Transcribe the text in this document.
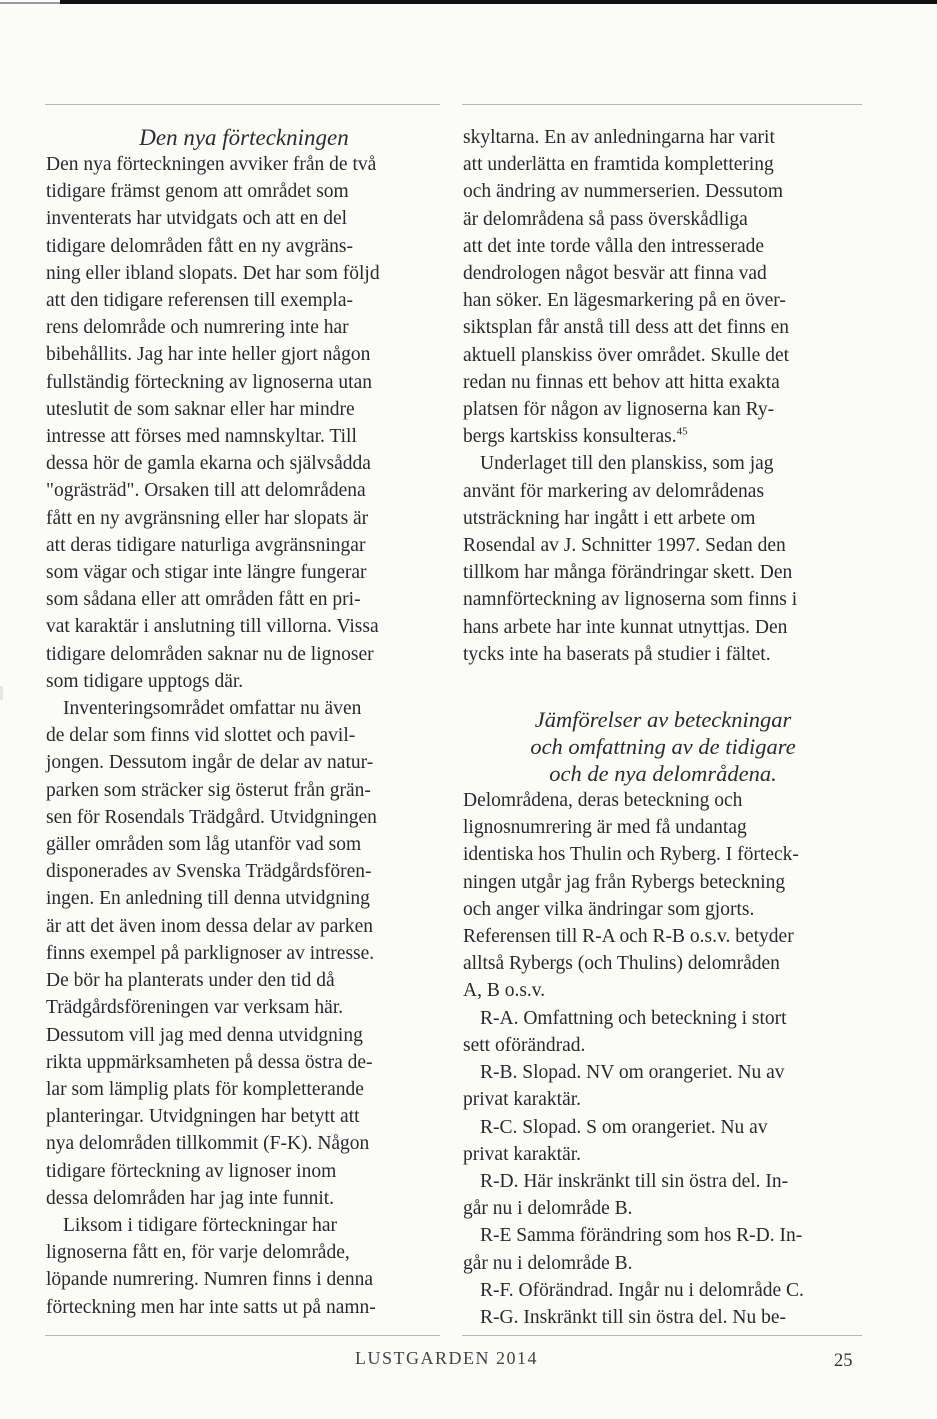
Den nya förteckningen
Den nya förteckningen avviker från de två
tidigare främst genom att området som
inventerats har utvidgats och att en del
tidigare delområden fått en ny avgräns-
ning eller ibland slopats. Det har som följd
att den tidigare referensen till exempla-
rens delområde och numrering inte har
bibehållits. Jag har inte heller gjort någon
fullständig förteckning av lignoserna utan
uteslutit de som saknar eller har mindre
intresse att förses med namnskyltar. Till
dessa hör de gamla ekarna och självsådda
"ogrästräd". Orsaken till att delområdena
fått en ny avgränsning eller har slopats är
att deras tidigare naturliga avgränsningar
som vägar och stigar inte längre fungerar
som sådana eller att områden fått en pri-
vat karaktär i anslutning till villorna. Vissa
tidigare delområden saknar nu de lignoser
som tidigare upptogs där.
Inventeringsområdet omfattar nu även
de delar som finns vid slottet och pavil-
jongen. Dessutom ingår de delar av natur-
parken som sträcker sig österut från grän-
sen för Rosendals Trädgård. Utvidgningen
gäller områden som låg utanför vad som
disponerades av Svenska Trädgårdsfören-
ingen. En anledning till denna utvidgning
är att det även inom dessa delar av parken
finns exempel på parklignoser av intresse.
De bör ha planterats under den tid då
Trädgårdsföreningen var verksam här.
Dessutom vill jag med denna utvidgning
rikta uppmärksamheten på dessa östra de-
lar som lämplig plats för kompletterande
planteringar. Utvidgningen har betytt att
nya delområden tillkommit (F-K). Någon
tidigare förteckning av lignoser inom
dessa delområden har jag inte funnit.
Liksom i tidigare förteckningar har
lignoserna fått en, för varje delområde,
löpande numrering. Numren finns i denna
förteckning men har inte satts ut på namn-
skyltarna. En av anledningarna har varit
att underlätta en framtida komplettering
och ändring av nummerserien. Dessutom
är delområdena så pass överskådliga
att det inte torde vålla den intresserade
dendrologen något besvär att finna vad
han söker. En lägesmarkering på en över-
siktsplan får anstå till dess att det finns en
aktuell planskiss över området. Skulle det
redan nu finnas ett behov att hitta exakta
platsen för någon av lignoserna kan Ry-
bergs kartskiss konsulteras.$^{45}$
Underlaget till den planskiss, som jag
använt för markering av delområdenas
utsträckning har ingått i ett arbete om
Rosendal av J. Schnitter 1997. Sedan den
tillkom har många förändringar skett. Den
namnförteckning av lignoserna som finns i
hans arbete har inte kunnat utnyttjas. Den
tycks inte ha baserats på studier i fältet.
Jämförelser av beteckningar
och omfattning av de tidigare
och de nya delområdena.
Delområdena, deras beteckning och
lignosnumrering är med få undantag
identiska hos Thulin och Ryberg. I förteck-
ningen utgår jag från Rybergs beteckning
och anger vilka ändringar som gjorts.
Referensen till R-A och R-B o.s.v. betyder
alltså Rybergs (och Thulins) delområden
A, B o.s.v.
R-A. Omfattning och beteckning i stort
sett oförändrad.
R-B. Slopad. NV om orangeriet. Nu av
privat karaktär.
R-C. Slopad. S om orangeriet. Nu av
privat karaktär.
R-D. Här inskränkt till sin östra del. In-
går nu i delområde B.
R-E Samma förändring som hos R-D. In-
går nu i delområde B.
R-F. Oförändrad. Ingår nu i delområde C.
R-G. Inskränkt till sin östra del. Nu be-
LUSTGARDEN 2014	25
